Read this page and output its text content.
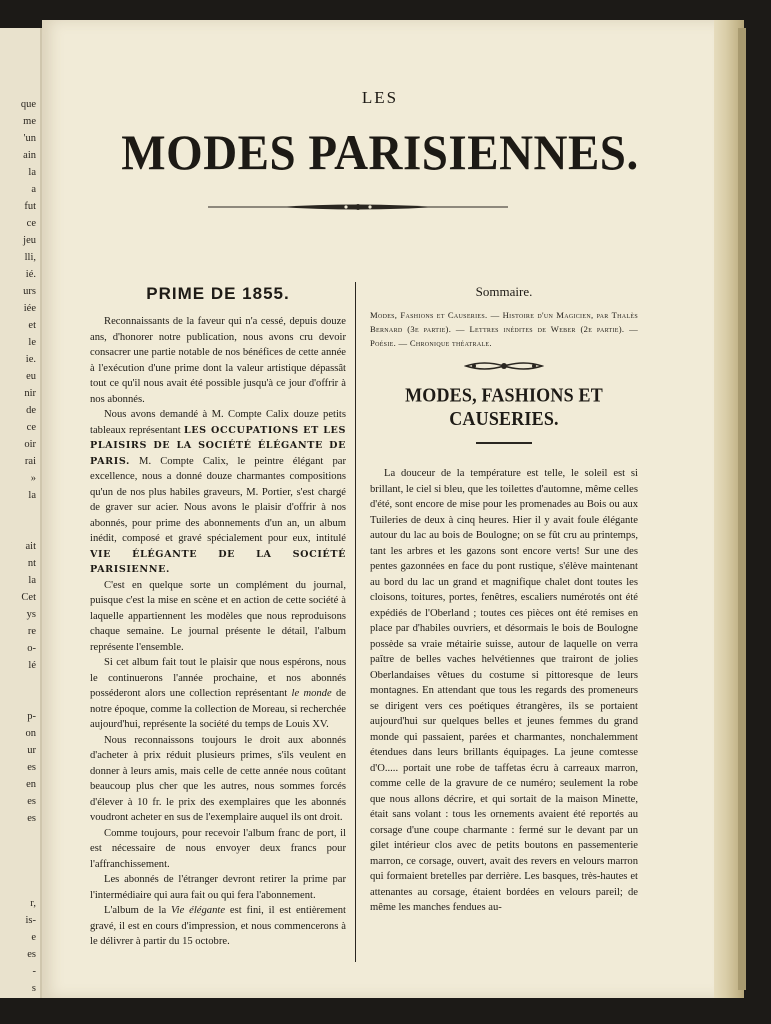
que
me
'un
ain
la
a
fut
ce
jeu
lli,
ié.
urs
iée
et
le
ie.
eu
nir
de
ce
oir
rai
»
la
ait
nt
la
Cet
ys
re
o-
lé
p-
on
ur
es
en
es
es
r,
is-
e
es
-
s
LES
MODES PARISIENNES.
PRIME DE 1855.

Reconnaissants de la faveur qui n'a cessé, depuis douze ans, d'honorer notre publication, nous avons cru devoir consacrer une partie notable de nos bénéfices de cette année à l'exécution d'une prime dont la valeur artistique dépassât tout ce qu'il nous avait été possible jusqu'à ce jour d'offrir à nos abonnés.

Nous avons demandé à M. Compte Calix douze petits tableaux représentant LES OCCUPATIONS ET LES PLAISIRS DE LA SOCIÉTÉ ÉLÉGANTE DE PARIS. M. Compte Calix, le peintre élégant par excellence, nous a donné douze charmantes compositions qu'un de nos plus habiles graveurs, M. Portier, s'est chargé de graver sur acier. Nous avons le plaisir d'offrir à nos abonnés, pour prime des abonnements d'un an, un album inédit, composé et gravé spécialement pour eux, intitulé VIE ÉLÉGANTE DE LA SOCIÉTÉ PARISIENNE.

C'est en quelque sorte un complément du journal, puisque c'est la mise en scène et en action de cette société à laquelle appartiennent les modèles que nous reproduisons chaque semaine. Le journal présente le détail, l'album représente l'ensemble.

Si cet album fait tout le plaisir que nous espérons, nous le continuerons l'année prochaine, et nos abonnés posséderont alors une collection représentant le monde de notre époque, comme la collection de Moreau, si recherchée aujourd'hui, représente la société du temps de Louis XV.

Nous reconnaissons toujours le droit aux abonnés d'acheter à prix réduit plusieurs primes, s'ils veulent en donner à leurs amis, mais celle de cette année nous coûtant beaucoup plus cher que les autres, nous sommes forcés d'élever à 10 fr. le prix des exemplaires que les abonnés voudront acheter en sus de l'exemplaire auquel ils ont droit.

Comme toujours, pour recevoir l'album franc de port, il est nécessaire de nous envoyer deux francs pour l'affranchissement.

Les abonnés de l'étranger devront retirer la prime par l'intermédiaire qui aura fait ou qui fera l'abonnement.

L'album de la Vie élégante est fini, il est entièrement gravé, il est en cours d'impression, et nous commencerons à le délivrer à partir du 15 octobre.

Sommaire.

Modes, Fashions et Causeries. — Histoire d'un Magicien, par Thalès Bernard (3e partie). — Lettres inédites de Weber (2e partie). — Poésie. — Chronique théatrale.

MODES, FASHIONS ET CAUSERIES.

La douceur de la température est telle, le soleil est si brillant, le ciel si bleu, que les toilettes d'automne, même celles d'été, sont encore de mise pour les promenades au Bois ou aux Tuileries de deux à cinq heures. Hier il y avait foule élégante autour du lac au bois de Boulogne; on se fût cru au printemps, tant les arbres et les gazons sont encore verts! Sur une des pentes gazonnées en face du pont rustique, s'élève maintenant au bord du lac un grand et magnifique chalet dont toutes les cloisons, toitures, portes, fenêtres, escaliers numérotés ont été expédiés de l'Oberland ; toutes ces pièces ont été remises en place par d'habiles ouvriers, et désormais le bois de Boulogne possède sa vraie métairie suisse, autour de laquelle on verra paître de belles vaches helvétiennes que trairont de jolies Oberlandaises vêtues du costume si pittoresque de leurs montagnes. En attendant que tous les regards des promeneurs se dirigent vers ces poétiques étrangères, ils se portaient aujourd'hui sur quelques belles et jeunes femmes du grand monde qui passaient, parées et charmantes, nonchalemment étendues dans leurs brillants équipages. La jeune comtesse d'O..... portait une robe de taffetas écru à carreaux marron, comme celle de la gravure de ce numéro; seulement la robe que nous allons décrire, et qui sortait de la maison Minette, était sans volant : tous les ornements avaient été reportés au corsage d'une coupe charmante : fermé sur le devant par un gilet intérieur clos avec de petits boutons en passementerie marron, ce corsage, ouvert, avait des revers en velours marron qui formaient bretelles par derrière. Les basques, très-hautes et attenantes au corsage, étaient bordées en velours pareil; de même les manches fendues au-
